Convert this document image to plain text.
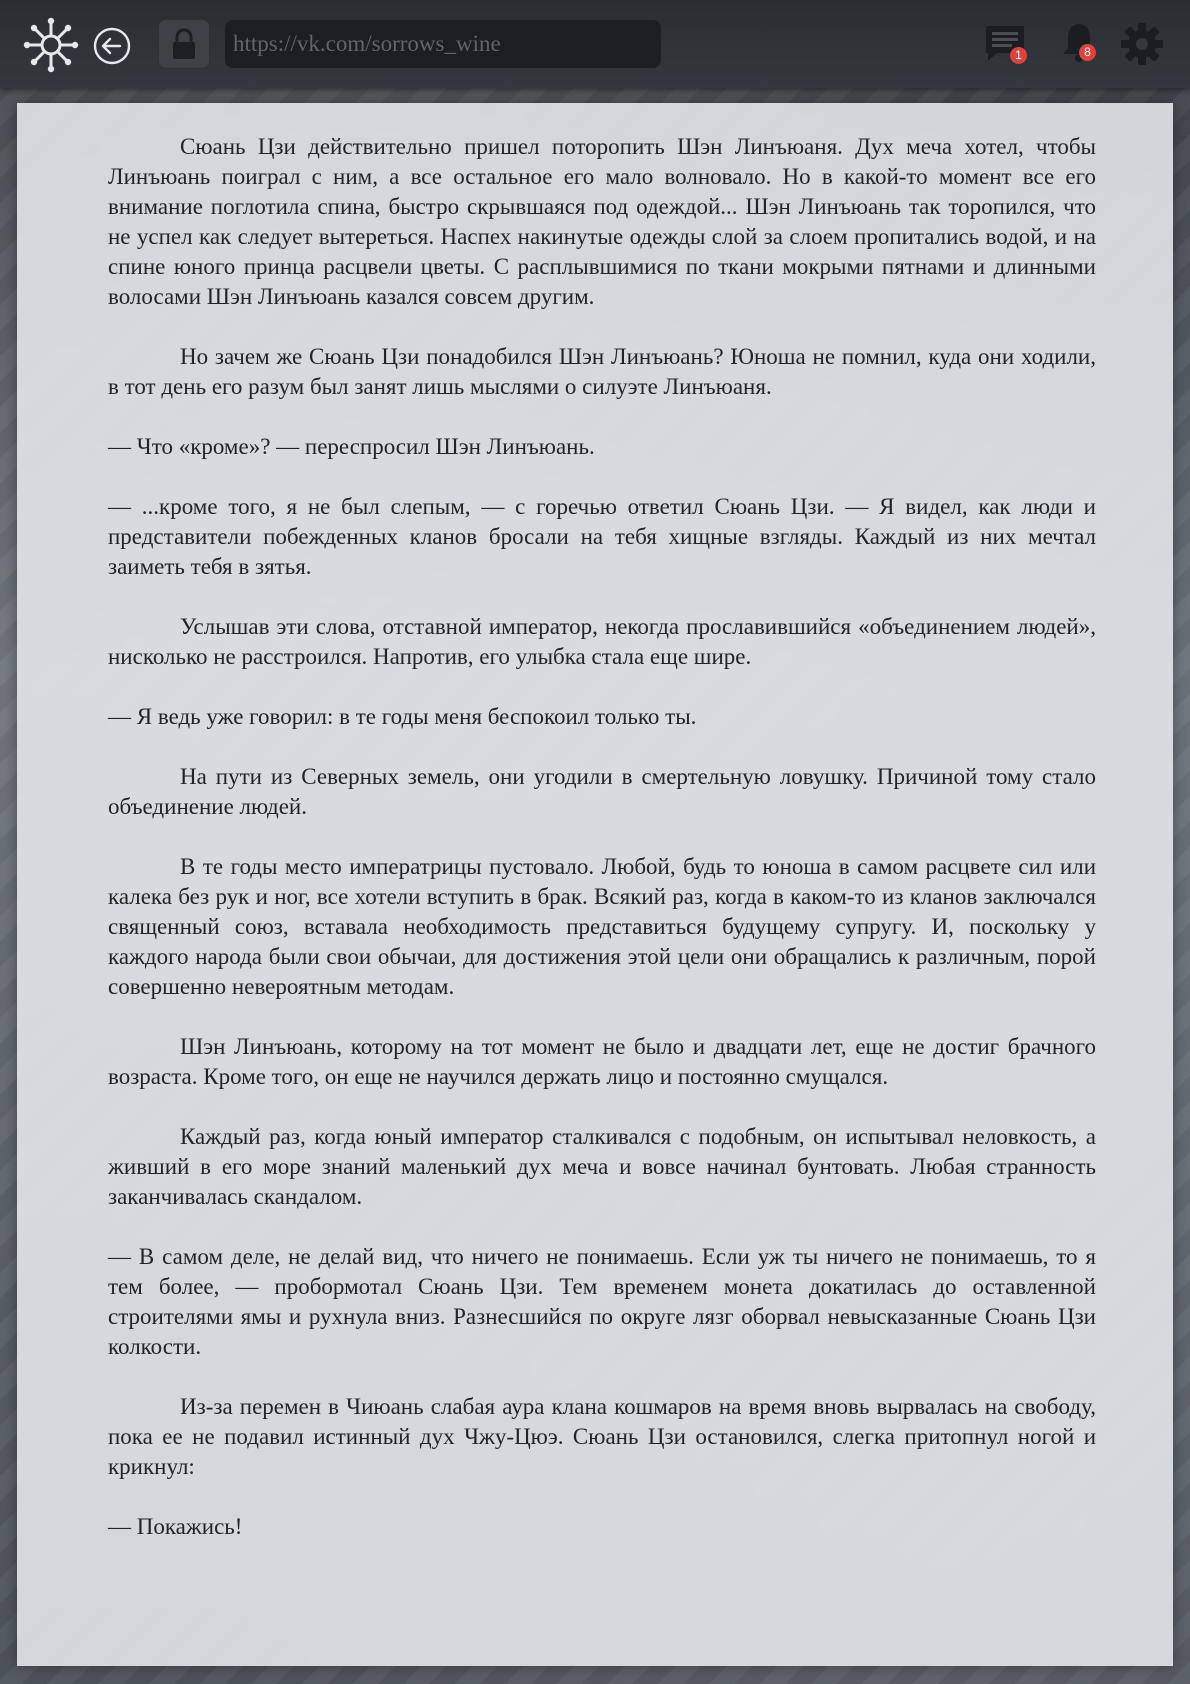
https://vk.com/sorrows_wine
1	8

Сюань Цзи действительно пришел поторопить Шэн Линъюаня. Дух меча хотел, чтобы Линъюань поиграл с ним, а все остальное его мало волновало. Но в какой-то момент все его внимание поглотила спина, быстро скрывшаяся под одеждой... Шэн Линъюань так торопился, что не успел как следует вытереться. Наспех накинутые одежды слой за слоем пропитались водой, и на спине юного принца расцвели цветы. С расплывшимися по ткани мокрыми пятнами и длинными волосами Шэн Линъюань казался совсем другим.

Но зачем же Сюань Цзи понадобился Шэн Линъюань? Юноша не помнил, куда они ходили, в тот день его разум был занят лишь мыслями о силуэте Линъюаня.

— Что «кроме»? — переспросил Шэн Линъюань.

— ...кроме того, я не был слепым, — с горечью ответил Сюань Цзи. — Я видел, как люди и представители побежденных кланов бросали на тебя хищные взгляды. Каждый из них мечтал заиметь тебя в зятья.

Услышав эти слова, отставной император, некогда прославившийся «объединением людей», нисколько не расстроился. Напротив, его улыбка стала еще шире.

— Я ведь уже говорил: в те годы меня беспокоил только ты.

На пути из Северных земель, они угодили в смертельную ловушку. Причиной тому стало объединение людей.

В те годы место императрицы пустовало. Любой, будь то юноша в самом расцвете сил или калека без рук и ног, все хотели вступить в брак. Всякий раз, когда в каком-то из кланов заключался священный союз, вставала необходимость представиться будущему супругу. И, поскольку у каждого народа были свои обычаи, для достижения этой цели они обращались к различным, порой совершенно невероятным методам.

Шэн Линъюань, которому на тот момент не было и двадцати лет, еще не достиг брачного возраста. Кроме того, он еще не научился держать лицо и постоянно смущался.

Каждый раз, когда юный император сталкивался с подобным, он испытывал неловкость, а живший в его море знаний маленький дух меча и вовсе начинал бунтовать. Любая странность заканчивалась скандалом.

— В самом деле, не делай вид, что ничего не понимаешь. Если уж ты ничего не понимаешь, то я тем более, — пробормотал Сюань Цзи. Тем временем монета докатилась до оставленной строителями ямы и рухнула вниз. Разнесшийся по округе лязг оборвал невысказанные Сюань Цзи колкости.

Из-за перемен в Чиюань слабая аура клана кошмаров на время вновь вырвалась на свободу, пока ее не подавил истинный дух Чжу-Цюэ. Сюань Цзи остановился, слегка притопнул ногой и крикнул:

— Покажись!
